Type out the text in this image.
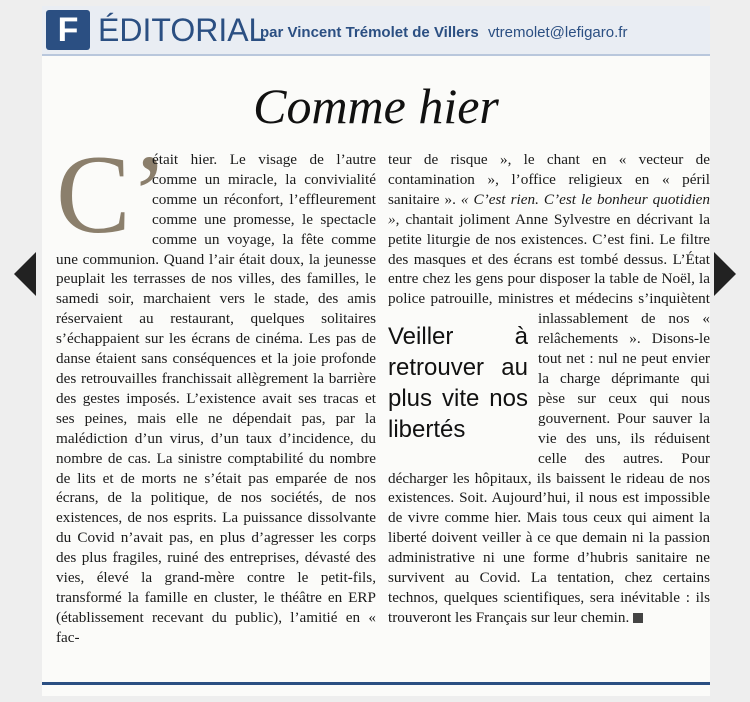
F ÉDITORIAL
par Vincent Trémolet de Villers vtremolet@lefigaro.fr
Comme hier

C’
était hier. Le visage de l’autre comme un miracle, la convivialité comme un réconfort, l’effleurement comme une promesse, le spectacle comme un voyage, la fête comme une communion. Quand l’air était doux, la jeunesse peuplait les terrasses de nos villes, des familles, le samedi soir, marchaient vers le stade, des amis réservaient au restaurant, quelques solitaires s’échappaient sur les écrans de cinéma. Les pas de danse étaient sans conséquences et la joie profonde des retrouvailles franchissait allègrement la barrière des gestes imposés. L’existence avait ses tracas et ses peines, mais elle ne dépendait pas, par la malédiction d’un virus, d’un taux d’incidence, du nombre de cas. La sinistre comptabilité du nombre de lits et de morts ne s’était pas emparée de nos écrans, de la politique, de nos sociétés, de nos existences, de nos esprits. La puissance dissolvante du Covid n’avait pas, en plus d’agresser les corps des plus fragiles, ruiné des entreprises, dévasté des vies, élevé la grand-mère contre le petit-fils, transformé la famille en cluster, le théâtre en ERP (établissement recevant du public), l’amitié en « fac-

teur de risque », le chant en « vecteur de contamination », l’office religieux en « péril sanitaire ». « C’est rien. C’est le bonheur quotidien », chantait joliment Anne Sylvestre en décrivant la petite liturgie de nos existences. C’est fini. Le filtre des masques et des écrans est tombé dessus. L’État entre chez les gens pour disposer la table de Noël, la police patrouille, ministres et médecins s’inquiètent
Veiller à retrouver au plus vite nos libertés
inlassablement de nos « relâchements ». Disons-le tout net : nul ne peut envier la charge déprimante qui pèse sur ceux qui nous gouvernent. Pour sauver la vie des uns, ils réduisent celle des autres. Pour décharger les hôpitaux, ils baissent le rideau de nos existences. Soit. Aujourd’hui, il nous est impossible de vivre comme hier. Mais tous ceux qui aiment la liberté doivent veiller à ce que demain ni la passion administrative ni une forme d’hubris sanitaire ne survivent au Covid. La tentation, chez certains technos, quelques scientifiques, sera inévitable : ils trouveront les Français sur leur chemin.
